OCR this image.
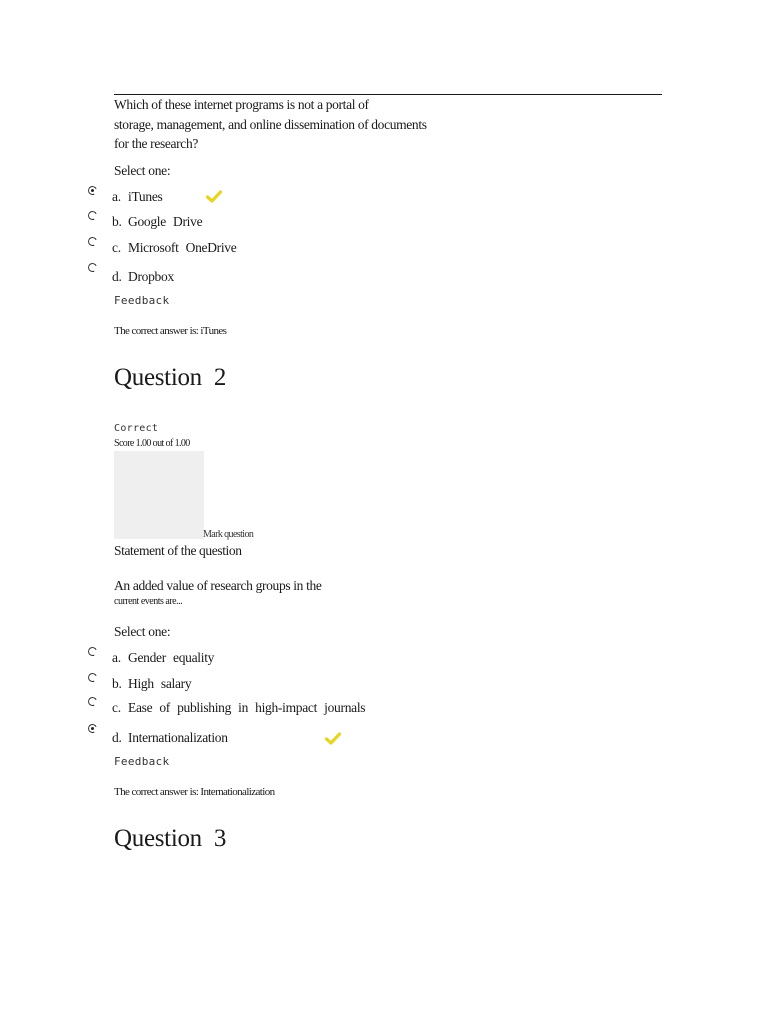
Which of these internet programs is not a portal of
storage, management, and online dissemination of documents
for the research?
Select one:
a. iTunes
b. Google Drive
c. Microsoft OneDrive
d. Dropbox
Feedback
The correct answer is: iTunes
Question 2
Correct
Score 1.00 out of 1.00
Mark question
Statement of the question
An added value of research groups in the
current events are...
Select one:
a. Gender equality
b. High salary
c. Ease of publishing in high-impact journals
d. Internationalization
Feedback
The correct answer is: Internationalization
Question 3
